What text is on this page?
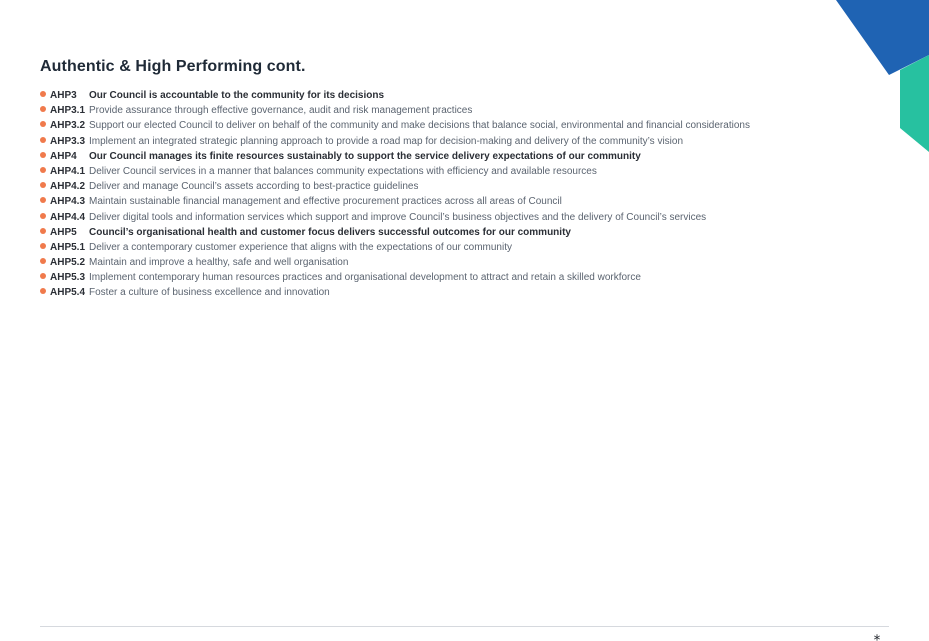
Authentic & High Performing cont.
AHP3	Our Council is accountable to the community for its decisions
AHP3.1 Provide assurance through effective governance, audit and risk management practices
AHP3.2 Support our elected Council to deliver on behalf of the community and make decisions that balance social, environmental and financial considerations
AHP3.3 Implement an integrated strategic planning approach to provide a road map for decision-making and delivery of the community’s vision
AHP4	Our Council manages its finite resources sustainably to support the service delivery expectations of our community
AHP4.1 Deliver Council services in a manner that balances community expectations with efficiency and available resources
AHP4.2 Deliver and manage Council’s assets according to best-practice guidelines
AHP4.3 Maintain sustainable financial management and effective procurement practices across all areas of Council
AHP4.4 Deliver digital tools and information services which support and improve Council’s business objectives and the delivery of Council’s services
AHP5	Council’s organisational health and customer focus delivers successful outcomes for our community
AHP5.1 Deliver a contemporary customer experience that aligns with the expectations of our community
AHP5.2 Maintain and improve a healthy, safe and well organisation
AHP5.3 Implement contemporary human resources practices and organisational development to attract and retain a skilled workforce
AHP5.4 Foster a culture of business excellence and innovation
